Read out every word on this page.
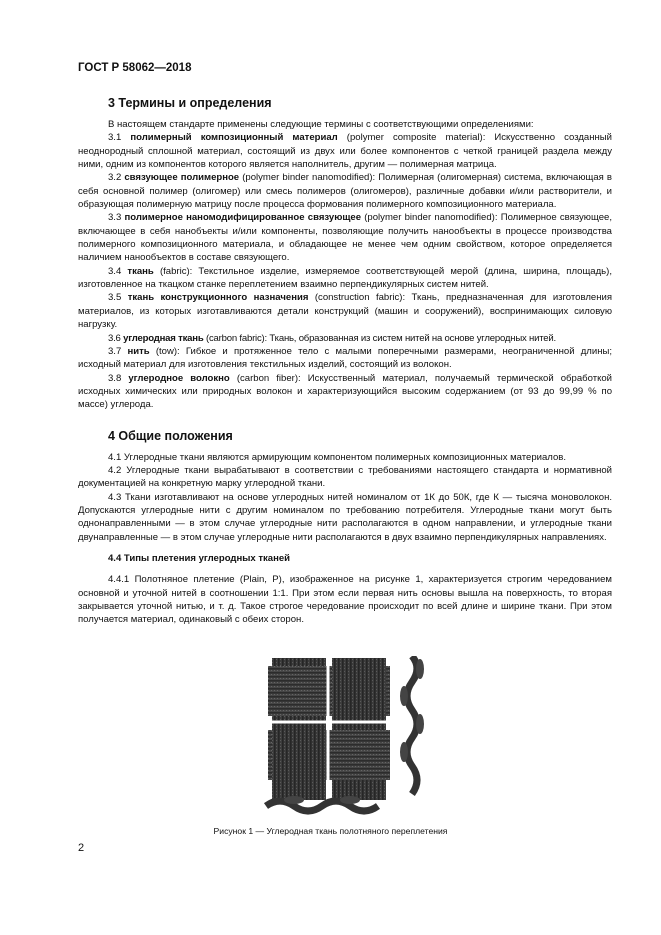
ГОСТ Р 58062—2018
3 Термины и определения

В настоящем стандарте применены следующие термины с соответствующими определениями:

3.1 полимерный композиционный материал (polymer composite material): Искусственно созданный неоднородный сплошной материал, состоящий из двух или более компонентов с четкой границей раздела между ними, одним из компонентов которого является наполнитель, другим — полимерная матрица.

3.2 связующее полимерное (polymer binder nanomodified): Полимерная (олигомерная) система, включающая в себя основной полимер (олигомер) или смесь полимеров (олигомеров), различные добавки и/или растворители, и образующая полимерную матрицу после процесса формования полимерного композиционного материала.

3.3 полимерное наномодифицированное связующее (polymer binder nanomodified): Полимерное связующее, включающее в себя нанобъекты и/или компоненты, позволяющие получить нанообъекты в процессе производства полимерного композиционного материала, и обладающее не менее чем одним свойством, которое определяется наличием нанообъектов в составе связующего.

3.4 ткань (fabric): Текстильное изделие, измеряемое соответствующей мерой (длина, ширина, площадь), изготовленное на ткацком станке переплетением взаимно перпендикулярных систем нитей.

3.5 ткань конструкционного назначения (construction fabric): Ткань, предназначенная для изготовления материалов, из которых изготавливаются детали конструкций (машин и сооружений), воспринимающих силовую нагрузку.

3.6 углеродная ткань (carbon fabric): Ткань, образованная из систем нитей на основе углеродных нитей.

3.7 нить (tow): Гибкое и протяженное тело с малыми поперечными размерами, неограниченной длины; исходный материал для изготовления текстильных изделий, состоящий из волокон.

3.8 углеродное волокно (carbon fiber): Искусственный материал, получаемый термической обработкой исходных химических или природных волокон и характеризующийся высоким содержанием (от 93 до 99,99 % по массе) углерода.

4 Общие положения

4.1 Углеродные ткани являются армирующим компонентом полимерных композиционных материалов.

4.2 Углеродные ткани вырабатывают в соответствии с требованиями настоящего стандарта и нормативной документацией на конкретную марку углеродной ткани.

4.3 Ткани изготавливают на основе углеродных нитей номиналом от 1К до 50К, где К — тысяча моноволокон. Допускаются углеродные нити с другим номиналом по требованию потребителя. Углеродные ткани могут быть однонаправленными — в этом случае углеродные нити располагаются в одном направлении, и углеродные ткани двунаправленные — в этом случае углеродные нити располагаются в двух взаимно перпендикулярных направлениях.

4.4 Типы плетения углеродных тканей

4.4.1 Полотняное плетение (Plain, P), изображенное на рисунке 1, характеризуется строгим чередованием основной и уточной нитей в соотношении 1:1. При этом если первая нить основы вышла на поверхность, то вторая закрывается уточной нитью, и т. д. Такое строгое чередование происходит по всей длине и ширине ткани. При этом получается материал, одинаковый с обеих сторон.

Рисунок 1 — Углеродная ткань полотняного переплетения
2
